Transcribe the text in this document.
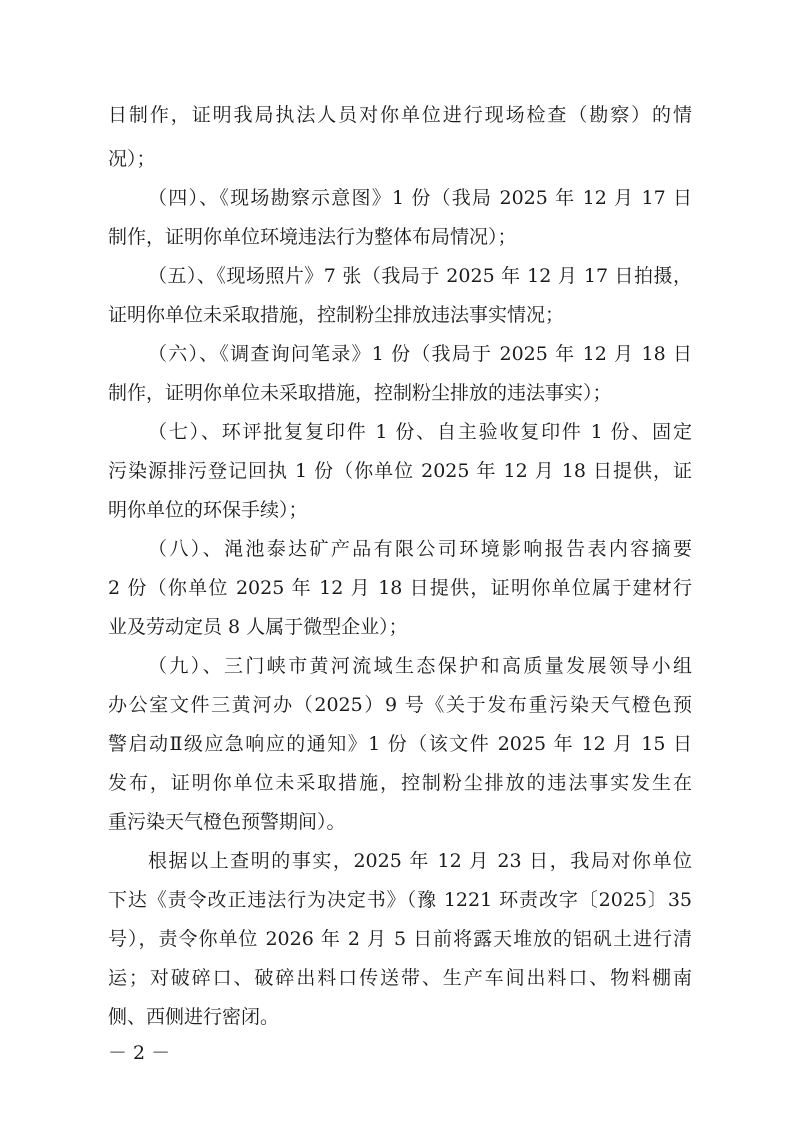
日制作，证明我局执法人员对你单位进行现场检查（勘察）的情
况）；
（四）、《现场勘察示意图》1 份（我局 2025 年 12 月 17 日
制作，证明你单位环境违法行为整体布局情况）；
（五）、《现场照片》7 张（我局于 2025 年 12 月 17 日拍摄，
证明你单位未采取措施，控制粉尘排放违法事实情况；
（六）、《调查询问笔录》1 份（我局于 2025 年 12 月 18 日
制作，证明你单位未采取措施，控制粉尘排放的违法事实）；
（七）、环评批复复印件 1 份、自主验收复印件 1 份、固定
污染源排污登记回执 1 份（你单位 2025 年 12 月 18 日提供，证
明你单位的环保手续）；
（八）、渑池泰达矿产品有限公司环境影响报告表内容摘要
2 份（你单位 2025 年 12 月 18 日提供，证明你单位属于建材行
业及劳动定员 8 人属于微型企业）；
（九）、三门峡市黄河流域生态保护和高质量发展领导小组
办公室文件三黄河办（2025）9 号《关于发布重污染天气橙色预
警启动Ⅱ级应急响应的通知》1 份（该文件 2025 年 12 月 15 日
发布，证明你单位未采取措施，控制粉尘排放的违法事实发生在
重污染天气橙色预警期间）。
根据以上查明的事实，2025 年 12 月 23 日，我局对你单位
下达《责令改正违法行为决定书》（豫 1221 环责改字〔2025〕35
号），责令你单位 2026 年 2 月 5 日前将露天堆放的铝矾土进行清
运；对破碎口、破碎出料口传送带、生产车间出料口、物料棚南
侧、西侧进行密闭。
－ 2 －
